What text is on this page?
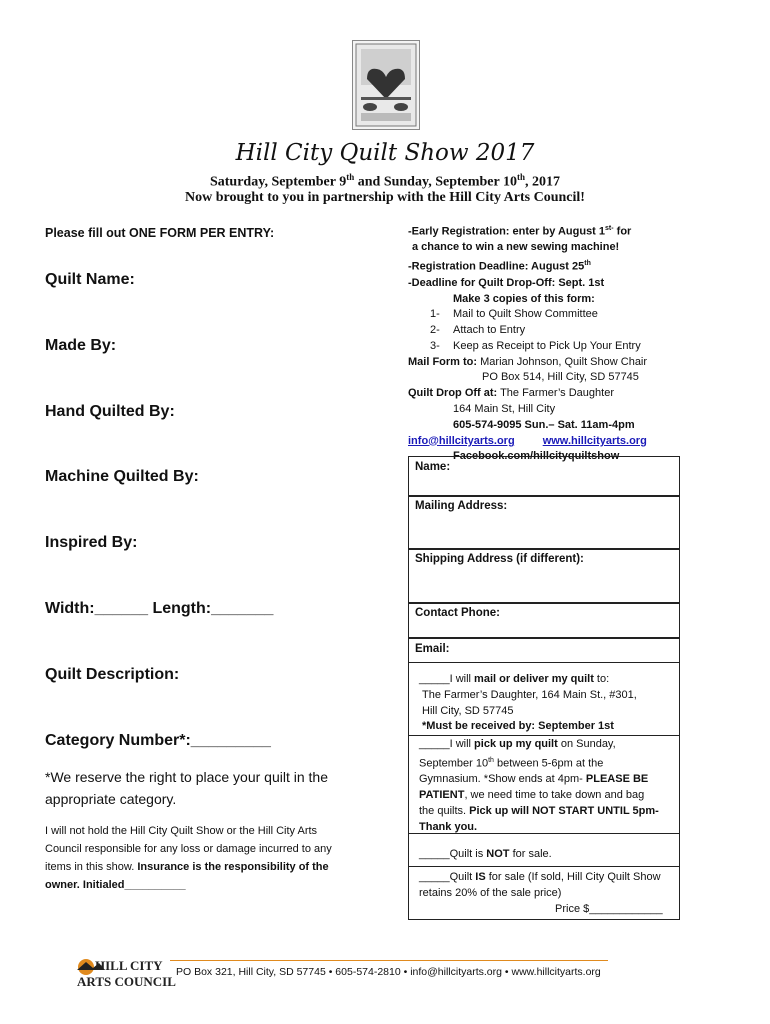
Hill City Quilt Show 2017
Saturday, September 9th and Sunday, September 10th, 2017
Now brought to you in partnership with the Hill City Arts Council!
Please fill out ONE FORM PER ENTRY:
Quilt Name:
Made By:
Hand Quilted By:
Machine Quilted By:
Inspired By:
Width:______ Length:_______
Quilt Description:
Category Number*:_________
*We reserve the right to place your quilt in the appropriate category.
I will not hold the Hill City Quilt Show or the Hill City Arts Council responsible for any loss or damage incurred to any items in this show. Insurance is the responsibility of the owner. Initialed__________
-Early Registration: enter by August $1^{st-}$ for
a chance to win a new sewing machine!
-Registration Deadline: August 25th
-Deadline for Quilt Drop-Off: Sept. 1st
Make 3 copies of this form:
1- Mail to Quilt Show Committee
2- Attach to Entry
3- Keep as Receipt to Pick Up Your Entry
Mail Form to: Marian Johnson, Quilt Show Chair
PO Box 514, Hill City, SD 57745
Quilt Drop Off at: The Farmer’s Daughter
164 Main St, Hill City
605-574-9095 Sun.– Sat. 11am-4pm
info@hillcityarts.org	www.hillcityarts.org
Facebook.com/hillcityquiltshow
Name:
Mailing Address:
Shipping Address (if different):
Contact Phone:
Email:
_____I will mail or deliver my quilt to:
The Farmer’s Daughter, 164 Main St., #301,
Hill City, SD 57745
*Must be received by: September 1st
_____I will pick up my quilt on Sunday,
September 10th between 5-6pm at the
Gymnasium. *Show ends at 4pm- PLEASE BE
PATIENT, we need time to take down and bag
the quilts. Pick up will NOT START UNTIL 5pm-
Thank you.
_____Quilt is NOT for sale.
_____Quilt IS for sale (If sold, Hill City Quilt Show
retains 20% of the sale price)
Price $____________
HILL CITY
ARTS COUNCIL
PO Box 321, Hill City, SD 57745 • 605-574-2810 • info@hillcityarts.org • www.hillcityarts.org
